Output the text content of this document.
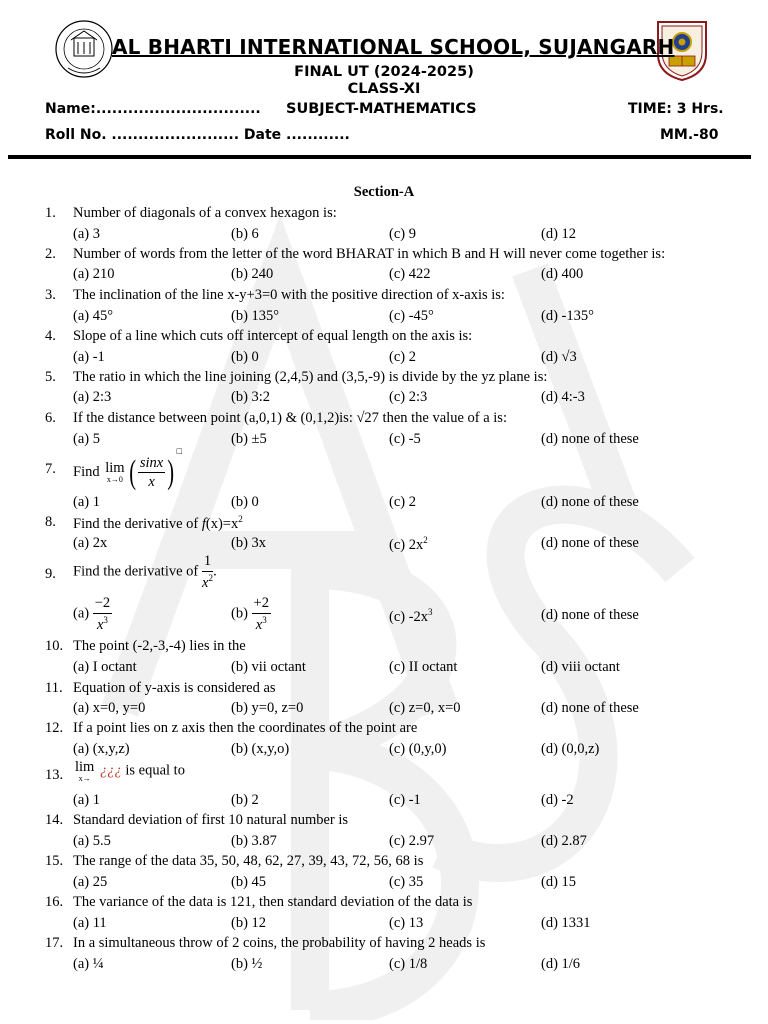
AL BHARTI INTERNATIONAL SCHOOL, SUJANGARH
FINAL UT (2024-2025)
CLASS-XI
Name:............................... SUBJECT-MATHEMATICS	TIME: 3 Hrs.
Roll No. ........................ Date ............	MM.-80
Section-A
1. Number of diagonals of a convex hexagon is:
(a) 3	(b) 6	(c) 9	(d) 12
2. Number of words from the letter of the word BHARAT in which B and H will never come together is:
(a) 210	(b) 240	(c) 422	(d) 400
3. The inclination of the line x-y+3=0 with the positive direction of x-axis is:
(a) 45°	(b) 135°	(c) -45°	(d) -135°
4. Slope of a line which cuts off intercept of equal length on the axis is:
(a) -1	(b) 0	(c) 2	(d) √3
5. The ratio in which the line joining (2,4,5) and (3,5,-9) is divide by the yz plane is:
(a) 2:3	(b) 3:2	(c) 2:3	(d) 4:-3
6. If the distance between point (a,0,1) & (0,1,2)is: √27 then the value of a is:
(a) 5	(b) ±5	(c) -5	(d) none of these
7. Find lim
x→0 ( $\frac{\sin x}{x} )^□$
(a) 1	(b) 0	(c) 2	(d) none of these
8. Find the derivative of $f(x)=x^2$
(a) 2x	(b) 3x	(c) $2x^2$	(d) none of these
9. Find the derivative of $\frac{1}{x^2}$ .
$(a) \frac{-2}{x^3}$	$(b) \frac{+2}{x^3}$	(c) $-2x^3$	(d) none of these
10. The point (-2,-3,-4) lies in the
(a) I octant	(b) vii octant	(c) II octant	(d) viii octant
11. Equation of y-axis is considered as
(a) x=0, y=0	(b) y=0, z=0	(c) z=0, x=0	(d) none of these
12. If a point lies on z axis then the coordinates of the point are
(a) (x,y,z)	(b) (x,y,o)	(c) (0,y,0)	(d) (0,0,z)
13. lim
x→ ¿¿¿ is equal to
(a) 1	(b) 2	(c) -1	(d) -2
14. Standard deviation of first 10 natural number is
(a) 5.5	(b) 3.87	(c) 2.97	(d) 2.87
15. The range of the data 35, 50, 48, 62, 27, 39, 43, 72, 56, 68 is
(a) 25	(b) 45	(c) 35	(d) 15
16. The variance of the data is 121, then standard deviation of the data is
(a) 11	(b) 12	(c) 13	(d) 1331
17. In a simultaneous throw of 2 coins, the probability of having 2 heads is
(a) ¼	(b) ½	(c) 1/8	(d) 1/6
